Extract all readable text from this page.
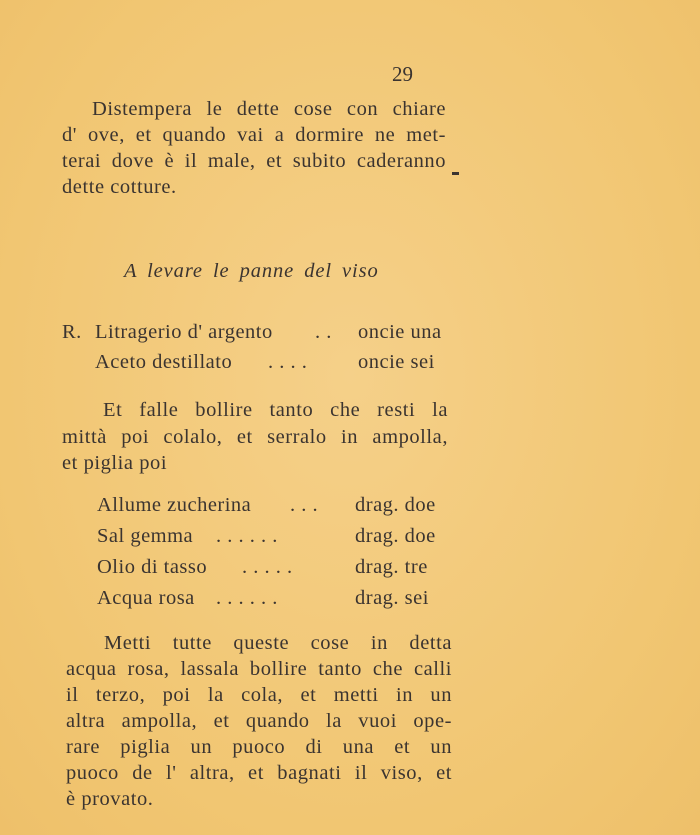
29
Distempera le dette cose con chiare
d' ove, et quando vai a dormire ne met-
terai dove è il male, et subito caderanno
dette cotture.
A levare le panne del viso
R. Litragerio d' argento . . oncie una
Aceto destillato . . . . oncie sei
Et falle bollire tanto che resti la
mittà poi colalo, et serralo in ampolla,
et piglia poi
Allume zucherina . . . drag. doe
Sal gemma . . . . . .	drag. doe
Olio di tasso . . . . .	drag. tre
Acqua rosa . . . . . .	drag. sei
Metti tutte queste cose in detta
acqua rosa, lassala bollire tanto che calli
il terzo, poi la cola, et metti in un
altra ampolla, et quando la vuoi ope-
rare piglia un puoco di una et un
puoco de l' altra, et bagnati il viso, et
è provato.
